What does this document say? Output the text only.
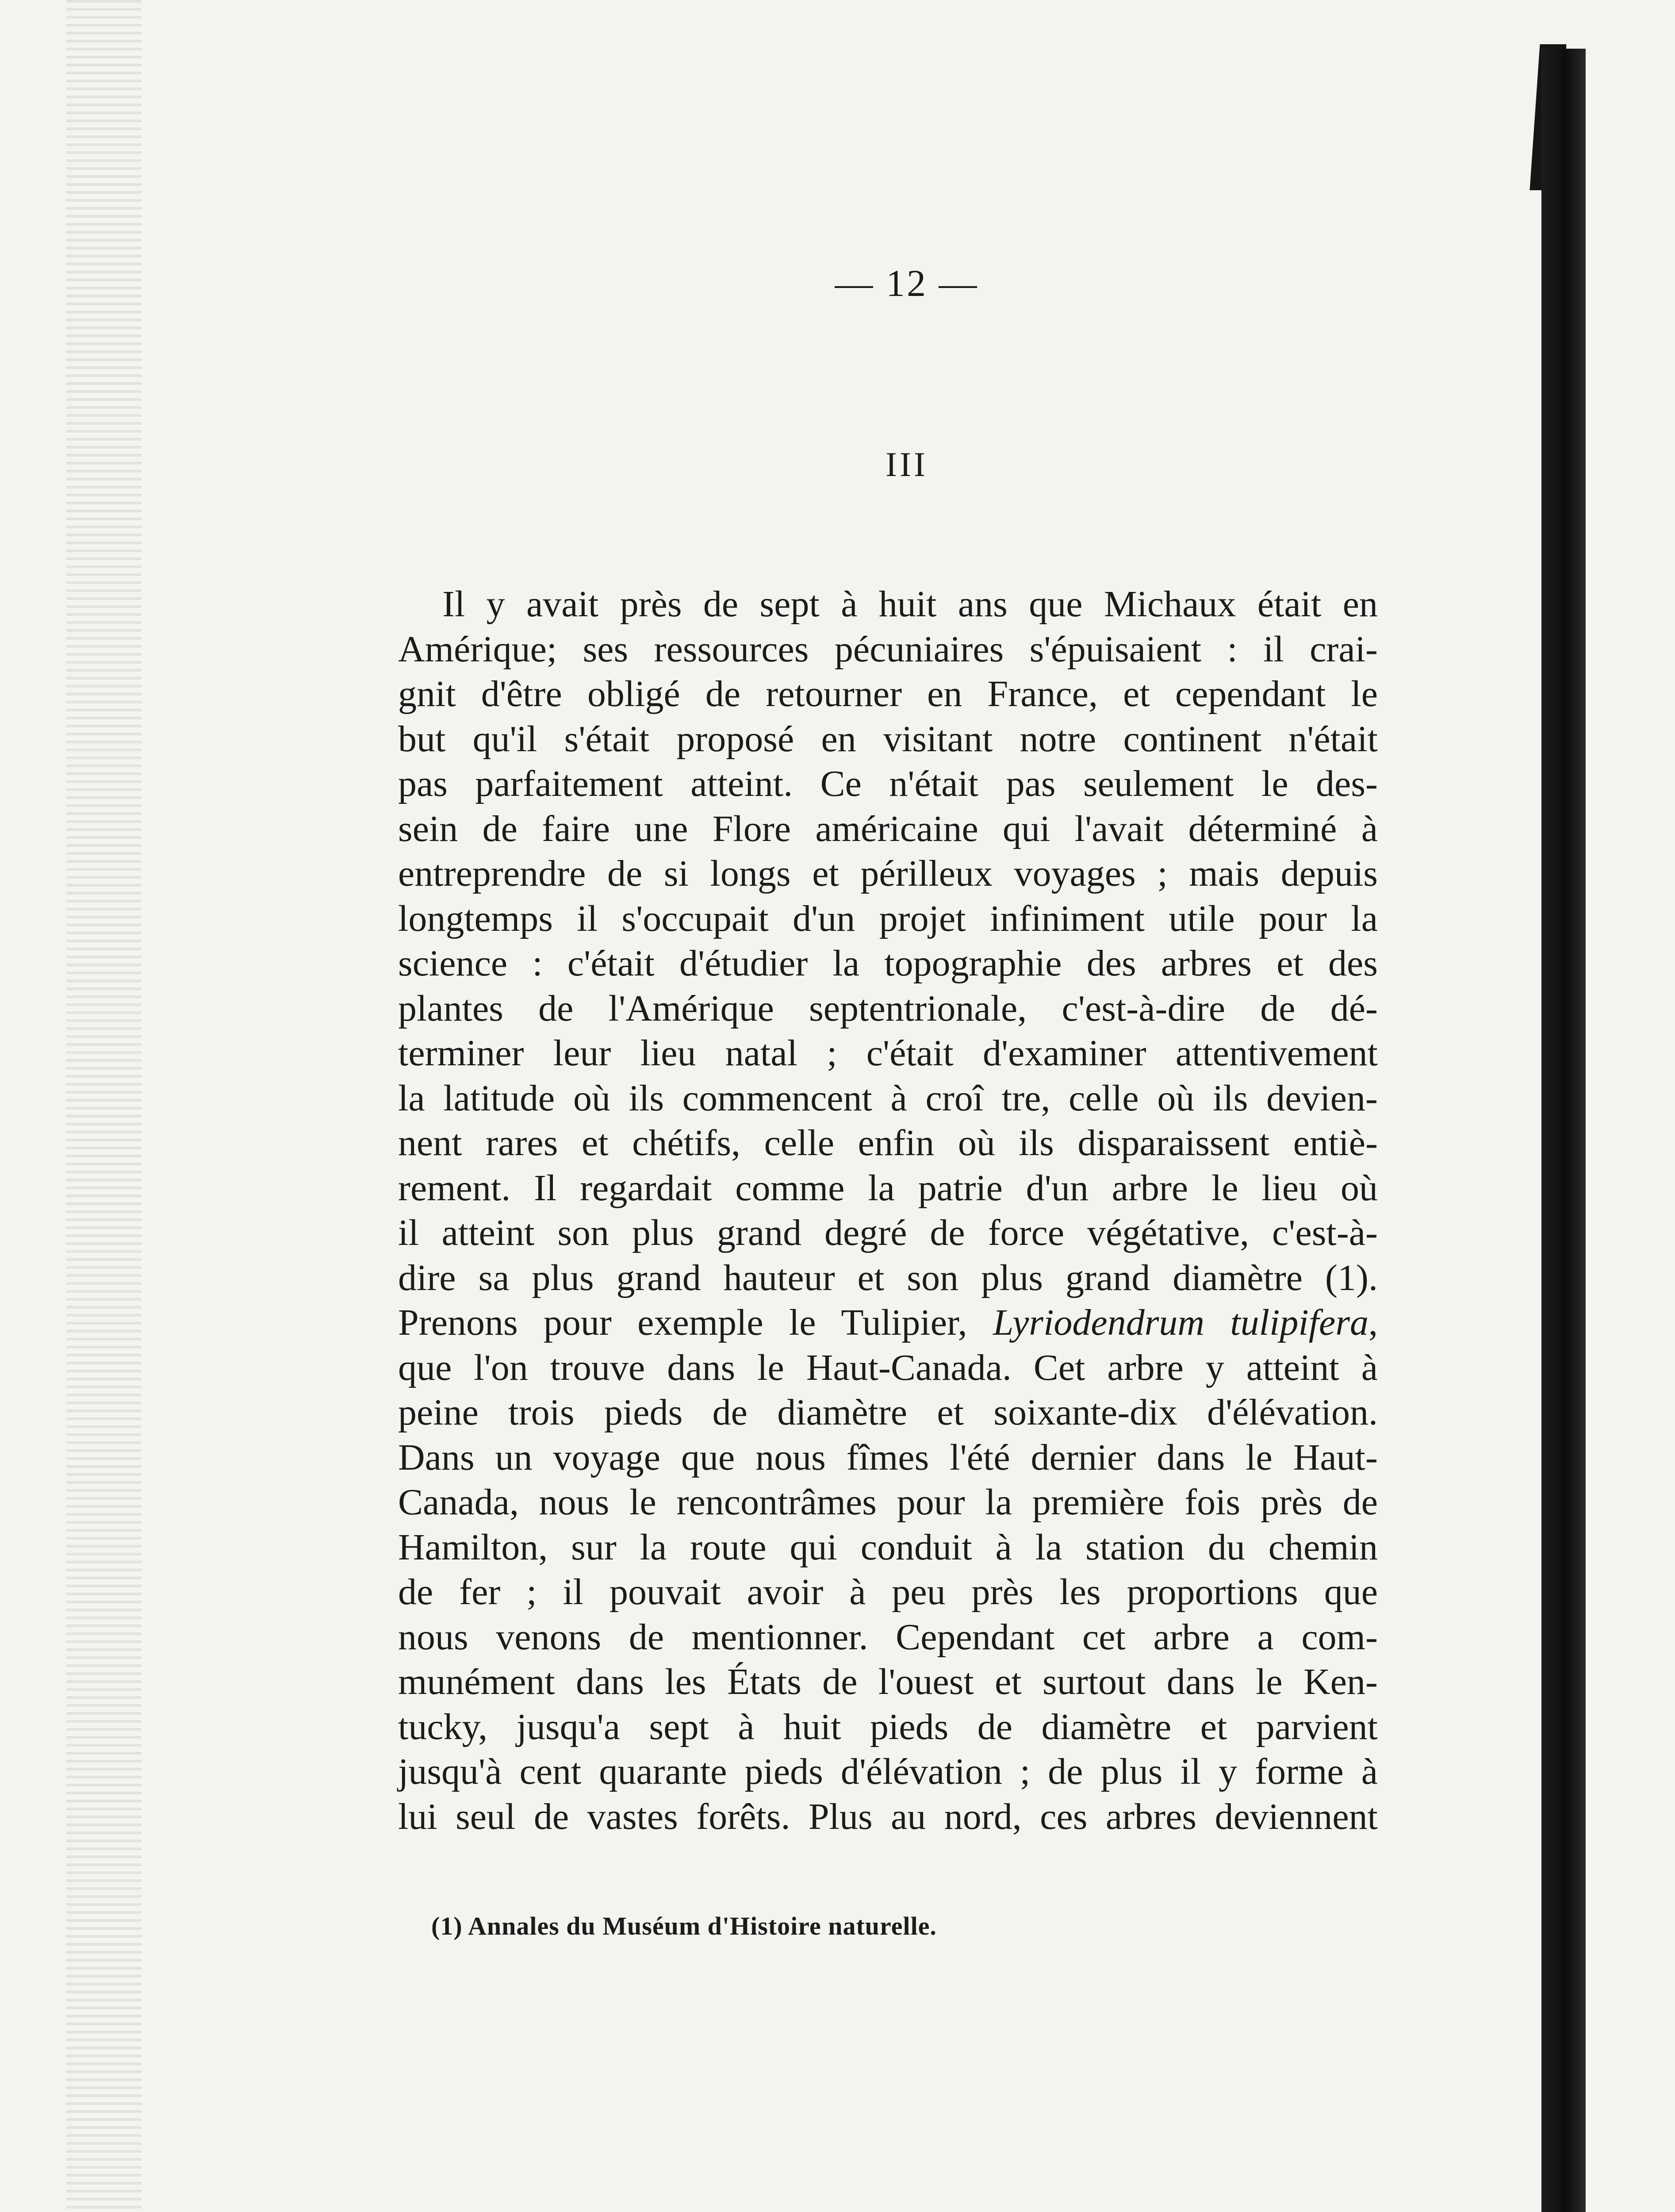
— 12 —
III
Il y avait près de sept à huit ans que Michaux était en
Amérique; ses ressources pécuniaires s'épuisaient : il crai-
gnit d'être obligé de retourner en France, et cependant le
but qu'il s'était proposé en visitant notre continent n'était
pas parfaitement atteint. Ce n'était pas seulement le des-
sein de faire une Flore américaine qui l'avait déterminé à
entreprendre de si longs et périlleux voyages ; mais depuis
longtemps il s'occupait d'un projet infiniment utile pour la
science : c'était d'étudier la topographie des arbres et des
plantes de l'Amérique septentrionale, c'est-à-dire de dé-
terminer leur lieu natal ; c'était d'examiner attentivement
la latitude où ils commencent à croî tre, celle où ils devien-
nent rares et chétifs, celle enfin où ils disparaissent entiè-
rement. Il regardait comme la patrie d'un arbre le lieu où
il atteint son plus grand degré de force végétative, c'est-à-
dire sa plus grand hauteur et son plus grand diamètre (1).
Prenons pour exemple le Tulipier, Lyriodendrum tulipifera,
que l'on trouve dans le Haut-Canada. Cet arbre y atteint à
peine trois pieds de diamètre et soixante-dix d'élévation.
Dans un voyage que nous fîmes l'été dernier dans le Haut-
Canada, nous le rencontrâmes pour la première fois près de
Hamilton, sur la route qui conduit à la station du chemin
de fer ; il pouvait avoir à peu près les proportions que
nous venons de mentionner. Cependant cet arbre a com-
munément dans les États de l'ouest et surtout dans le Ken-
tucky, jusqu'a sept à huit pieds de diamètre et parvient
jusqu'à cent quarante pieds d'élévation ; de plus il y forme à
lui seul de vastes forêts. Plus au nord, ces arbres deviennent
(1) Annales du Muséum d'Histoire naturelle.
